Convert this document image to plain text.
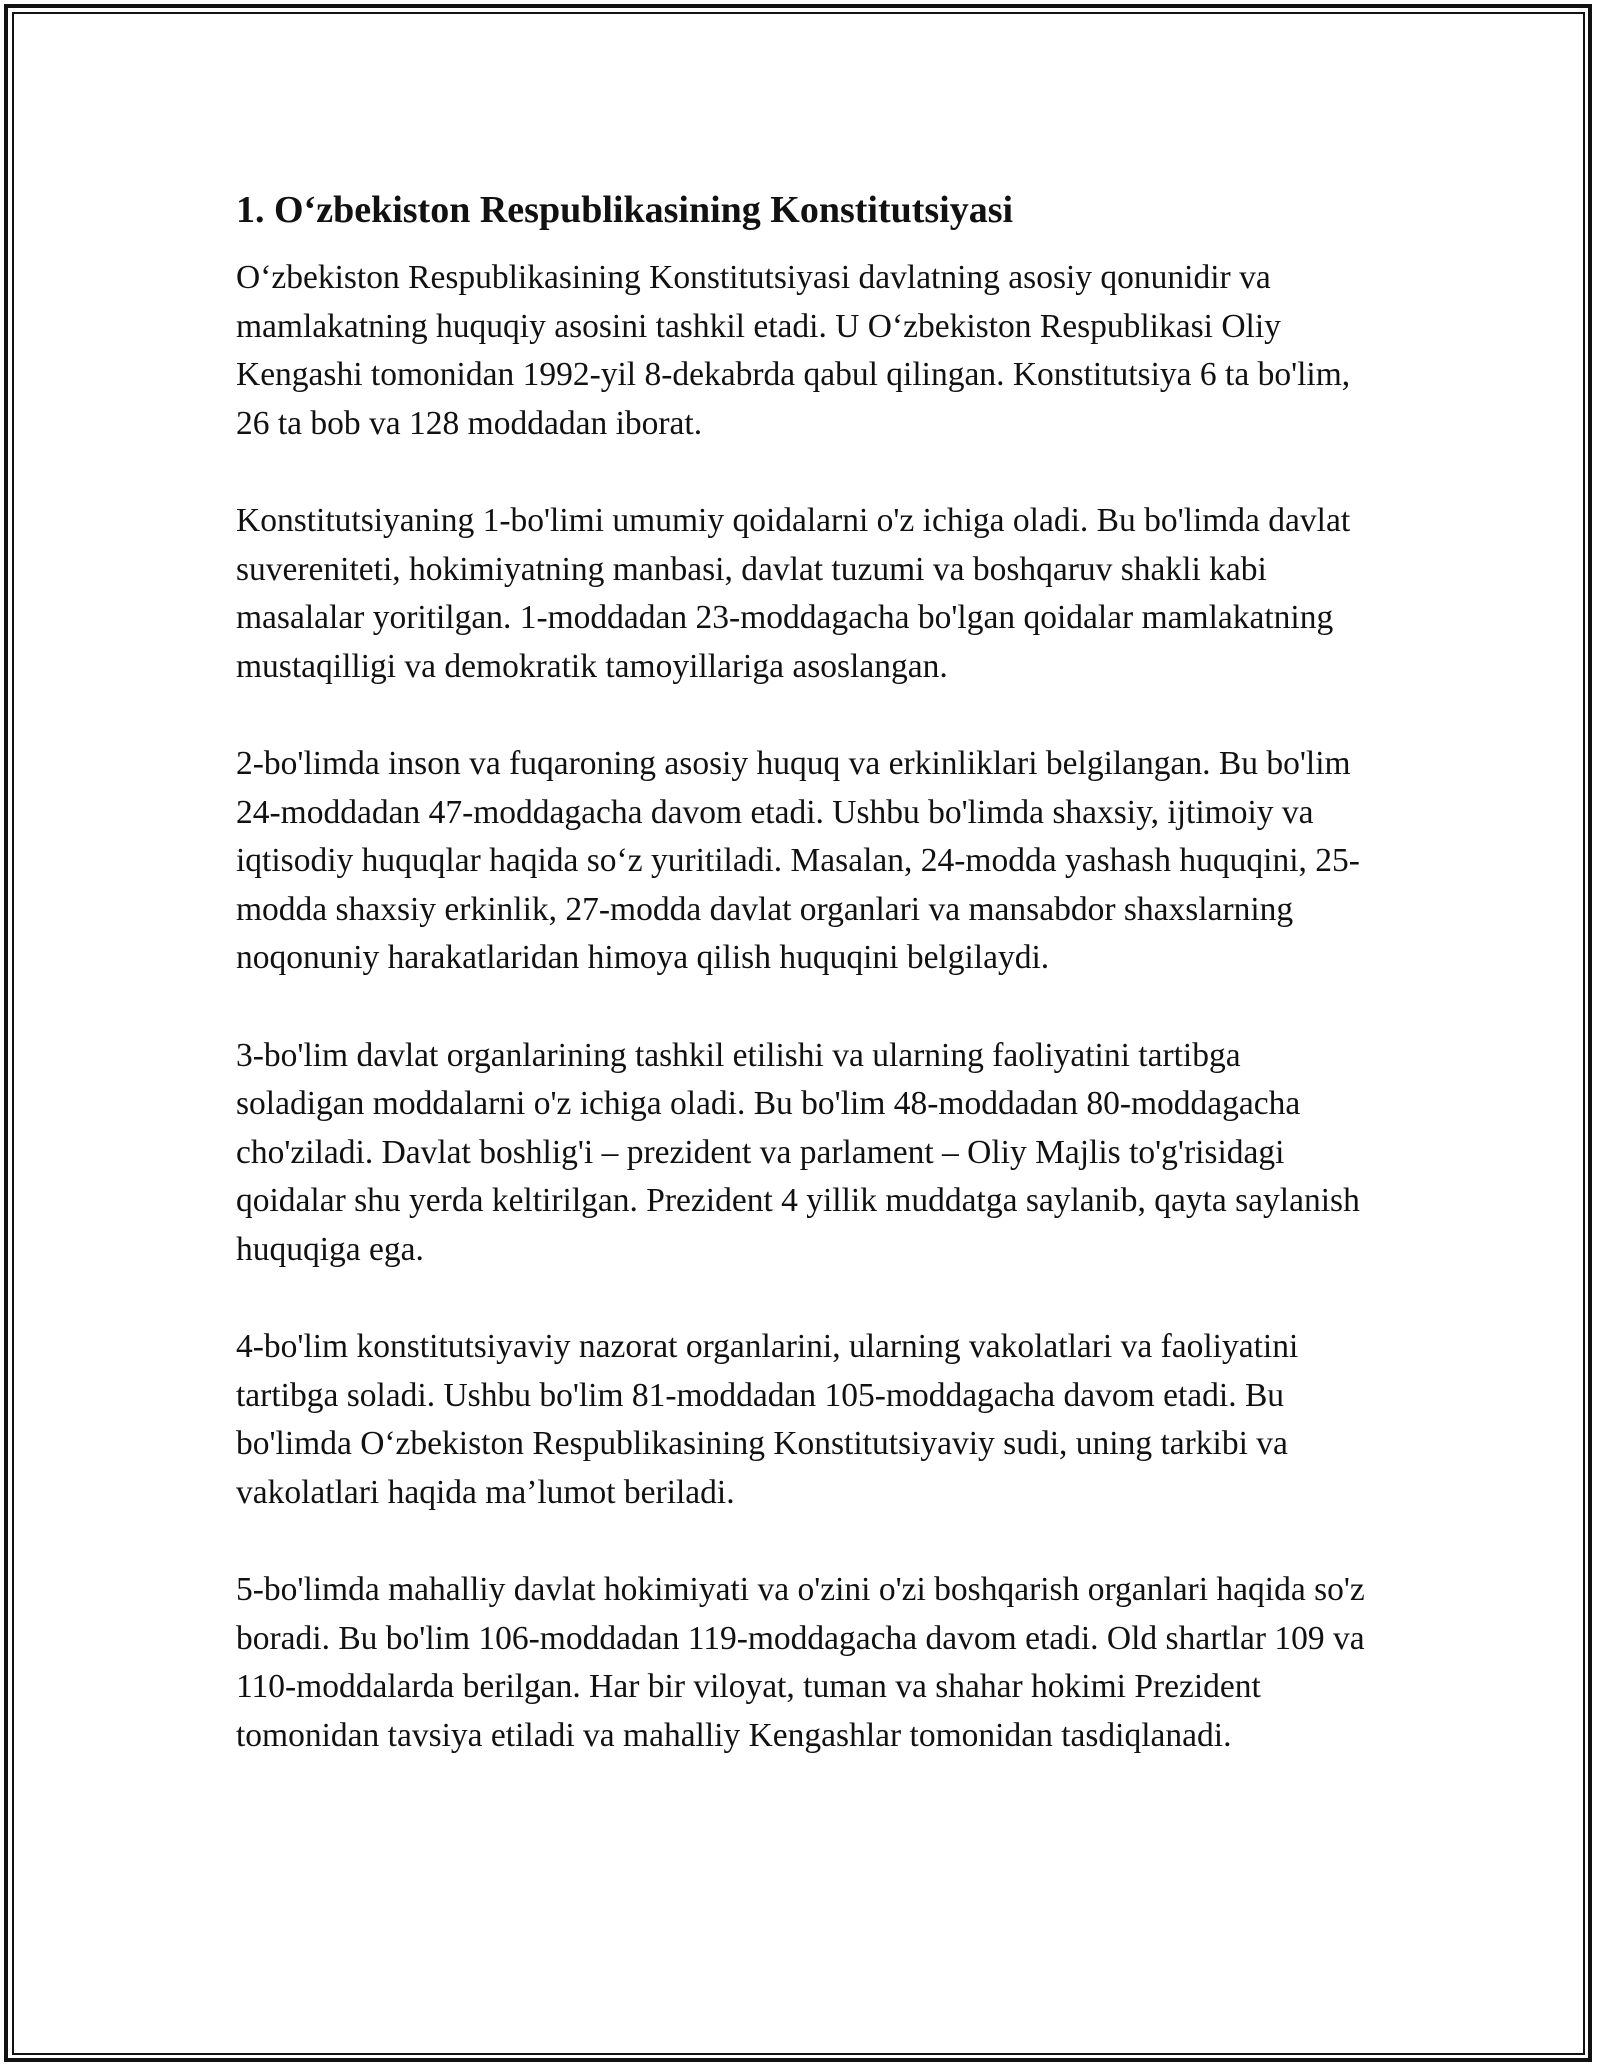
1. O‘zbekiston Respublikasining Konstitutsiyasi

O‘zbekiston Respublikasining Konstitutsiyasi davlatning asosiy qonunidir va mamlakatning huquqiy asosini tashkil etadi. U O‘zbekiston Respublikasi Oliy Kengashi tomonidan 1992-yil 8-dekabrda qabul qilingan. Konstitutsiya 6 ta bo'lim, 26 ta bob va 128 moddadan iborat.

Konstitutsiyaning 1-bo'limi umumiy qoidalarni o'z ichiga oladi. Bu bo'limda davlat suvereniteti, hokimiyatning manbasi, davlat tuzumi va boshqaruv shakli kabi masalalar yoritilgan. 1-moddadan 23-moddagacha bo'lgan qoidalar mamlakatning mustaqilligi va demokratik tamoyillariga asoslangan.

2-bo'limda inson va fuqaroning asosiy huquq va erkinliklari belgilangan. Bu bo'lim 24-moddadan 47-moddagacha davom etadi. Ushbu bo'limda shaxsiy, ijtimoiy va iqtisodiy huquqlar haqida so‘z yuritiladi. Masalan, 24-modda yashash huquqini, 25-modda shaxsiy erkinlik, 27-modda davlat organlari va mansabdor shaxslarning noqonuniy harakatlaridan himoya qilish huquqini belgilaydi.

3-bo'lim davlat organlarining tashkil etilishi va ularning faoliyatini tartibga soladigan moddalarni o'z ichiga oladi. Bu bo'lim 48-moddadan 80-moddagacha cho'ziladi. Davlat boshlig'i – prezident va parlament – Oliy Majlis to'g'risidagi qoidalar shu yerda keltirilgan. Prezident 4 yillik muddatga saylanib, qayta saylanish huquqiga ega.

4-bo'lim konstitutsiyaviy nazorat organlarini, ularning vakolatlari va faoliyatini tartibga soladi. Ushbu bo'lim 81-moddadan 105-moddagacha davom etadi. Bu bo'limda O‘zbekiston Respublikasining Konstitutsiyaviy sudi, uning tarkibi va vakolatlari haqida ma’lumot beriladi.

5-bo'limda mahalliy davlat hokimiyati va o'zini o'zi boshqarish organlari haqida so'z boradi. Bu bo'lim 106-moddadan 119-moddagacha davom etadi. Old shartlar 109 va 110-moddalarda berilgan. Har bir viloyat, tuman va shahar hokimi Prezident tomonidan tavsiya etiladi va mahalliy Kengashlar tomonidan tasdiqlanadi.
